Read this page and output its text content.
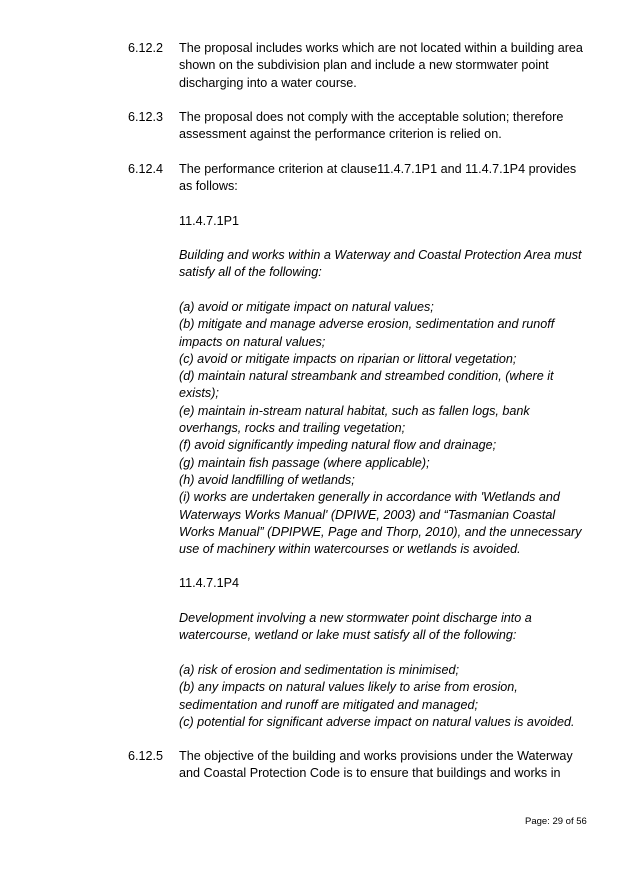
6.12.2 The proposal includes works which are not located within a building area
shown on the subdivision plan and include a new stormwater point
discharging into a water course.
6.12.3 The proposal does not comply with the acceptable solution; therefore
assessment against the performance criterion is relied on.
6.12.4 The performance criterion at clause11.4.7.1P1 and 11.4.7.1P4 provides
as follows:
11.4.7.1P1
Building and works within a Waterway and Coastal Protection Area must
satisfy all of the following:
(a) avoid or mitigate impact on natural values;
(b) mitigate and manage adverse erosion, sedimentation and runoff
impacts on natural values;
(c) avoid or mitigate impacts on riparian or littoral vegetation;
(d) maintain natural streambank and streambed condition, (where it
exists);
(e) maintain in-stream natural habitat, such as fallen logs, bank
overhangs, rocks and trailing vegetation;
(f) avoid significantly impeding natural flow and drainage;
(g) maintain fish passage (where applicable);
(h) avoid landfilling of wetlands;
(i) works are undertaken generally in accordance with 'Wetlands and
Waterways Works Manual' (DPIWE, 2003) and “Tasmanian Coastal
Works Manual” (DPIPWE, Page and Thorp, 2010), and the unnecessary
use of machinery within watercourses or wetlands is avoided.
11.4.7.1P4
Development involving a new stormwater point discharge into a
watercourse, wetland or lake must satisfy all of the following:
(a) risk of erosion and sedimentation is minimised;
(b) any impacts on natural values likely to arise from erosion,
sedimentation and runoff are mitigated and managed;
(c) potential for significant adverse impact on natural values is avoided.
6.12.5 The objective of the building and works provisions under the Waterway
and Coastal Protection Code is to ensure that buildings and works in
Page: 29 of 56
